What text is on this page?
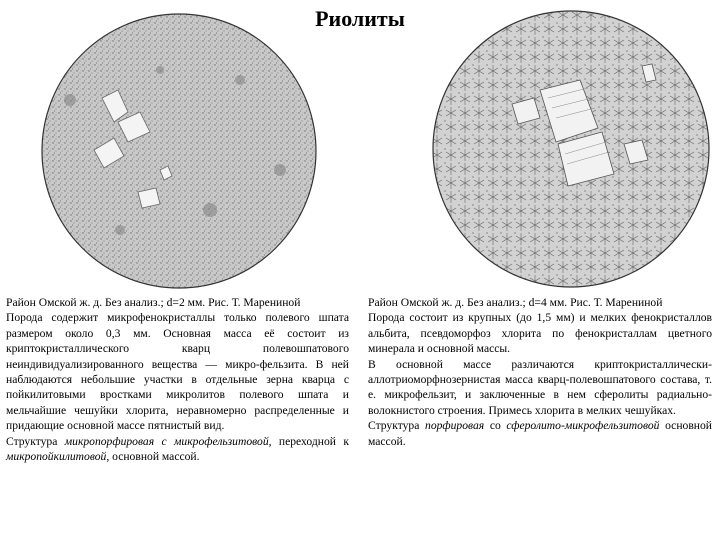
Риолиты

Район Омской ж. д. Без анализ.; d=2 мм. Рис. Т. Марениной

Порода содержит микрофенокристаллы только полевого шпата размером около 0,3 мм. Основная масса её состоит из криптокристаллического кварц полевошпатового неиндивидуализированного вещества — микро-фельзита. В ней наблюдаются небольшие участки в отдельные зерна кварца с пойкилитовыми вростками микролитов полевого шпата и мельчайшие чешуйки хлорита, неравномерно распределенные и придающие основной массе пятнистый вид.

Структура микропорфировая с микрофельзитовой, переходной к микропойкилитовой, основной массой.

Район Омской ж. д. Без анализ.; d=4 мм. Рис. Т. Марениной

Порода состоит из крупных (до 1,5 мм) и мелких фенокристаллов альбита, псевдоморфоз хлорита по фенокристаллам цветного минерала и основной массы.

В основной массе различаются криптокристаллически-аллотриоморфнозернистая масса кварц-полевошпатового состава, т. е. микрофельзит, и заключенные в нем сферолиты радиально-волокнистого строения. Примесь хлорита в мелких чешуйках.

Структура порфировая со сферолито-микрофельзитовой основной массой.
